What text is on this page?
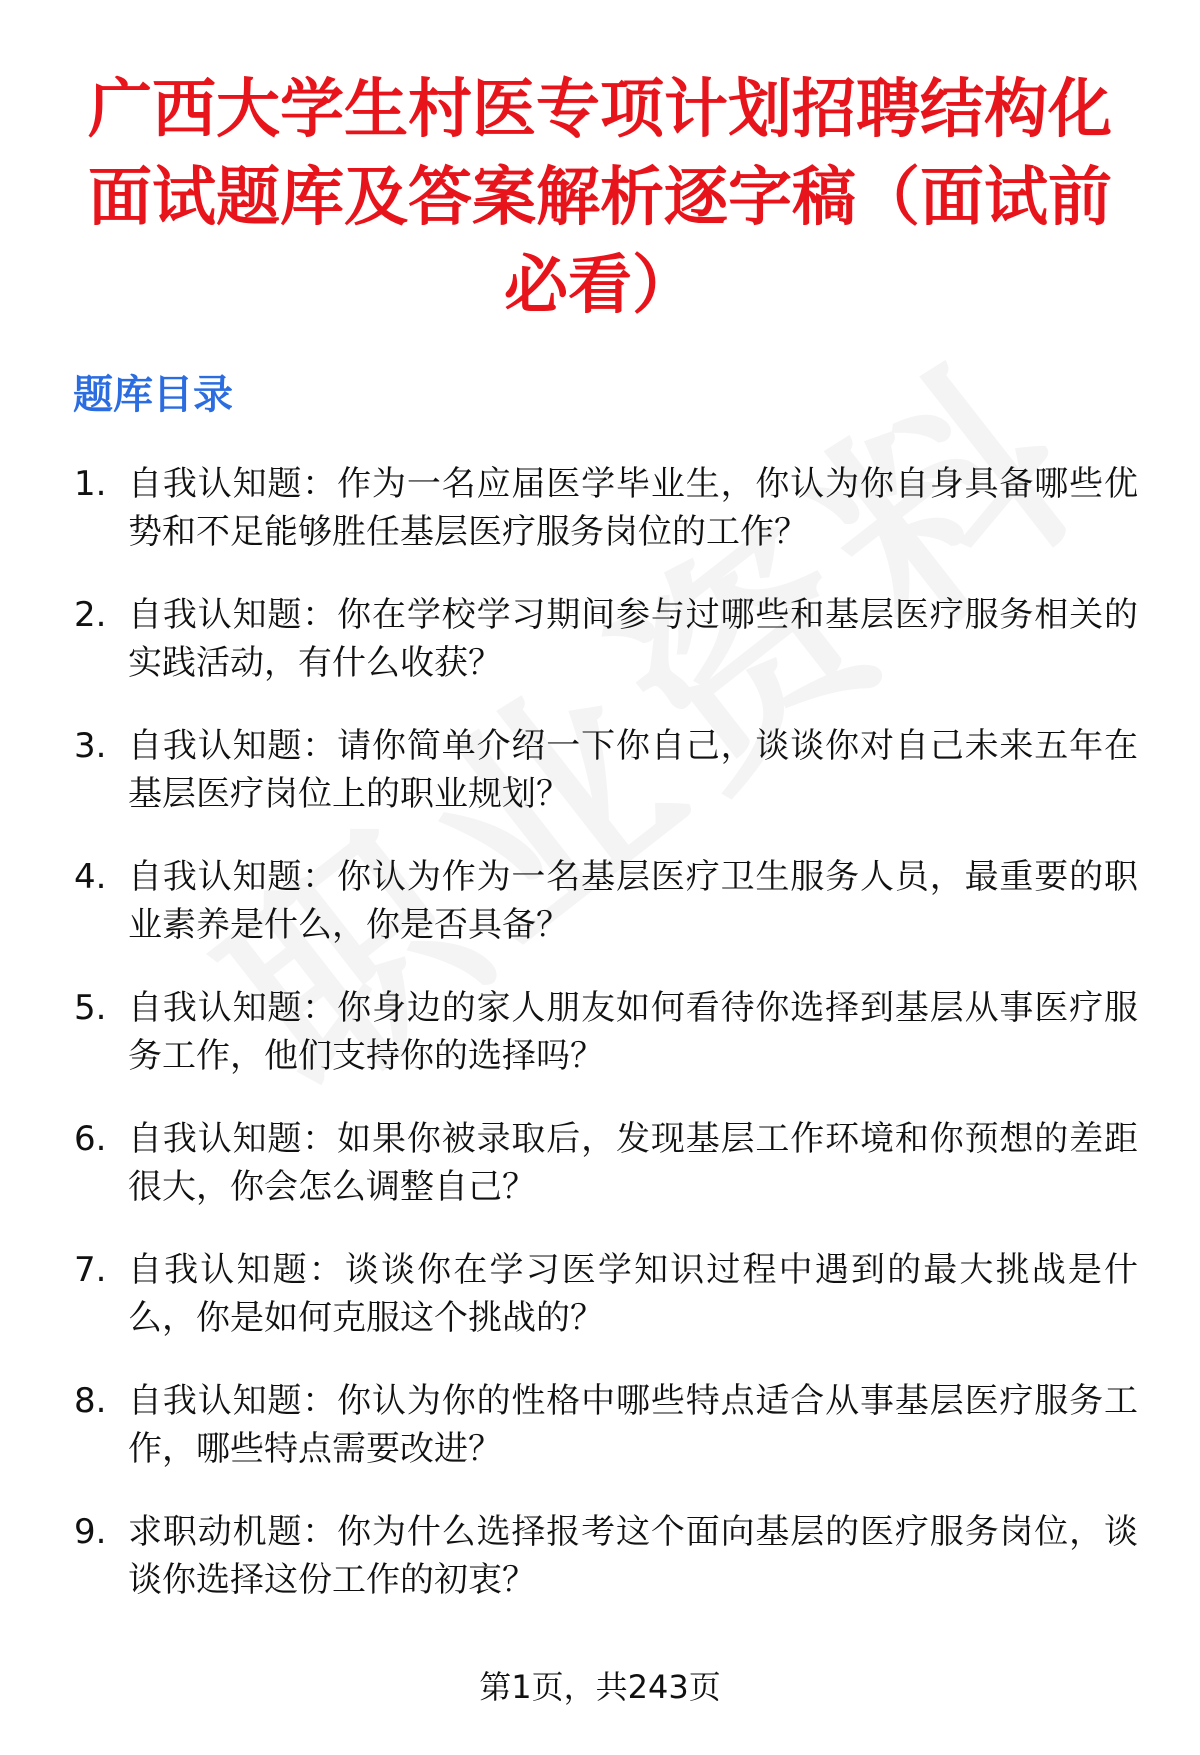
广西大学生村医专项计划招聘结构化面试题库及答案解析逐字稿（面试前必看）
题库目录
1. 自我认知题：作为一名应届医学毕业生，你认为你自身具备哪些优势和不足能够胜任基层医疗服务岗位的工作？
2. 自我认知题：你在学校学习期间参与过哪些和基层医疗服务相关的实践活动，有什么收获？
3. 自我认知题：请你简单介绍一下你自己，谈谈你对自己未来五年在基层医疗岗位上的职业规划？
4. 自我认知题：你认为作为一名基层医疗卫生服务人员，最重要的职业素养是什么，你是否具备？
5. 自我认知题：你身边的家人朋友如何看待你选择到基层从事医疗服务工作，他们支持你的选择吗？
6. 自我认知题：如果你被录取后，发现基层工作环境和你预想的差距很大，你会怎么调整自己？
7. 自我认知题：谈谈你在学习医学知识过程中遇到的最大挑战是什么，你是如何克服这个挑战的？
8. 自我认知题：你认为你的性格中哪些特点适合从事基层医疗服务工作，哪些特点需要改进？
9. 求职动机题：你为什么选择报考这个面向基层的医疗服务岗位，谈谈你选择这份工作的初衷？
第1页，共243页
